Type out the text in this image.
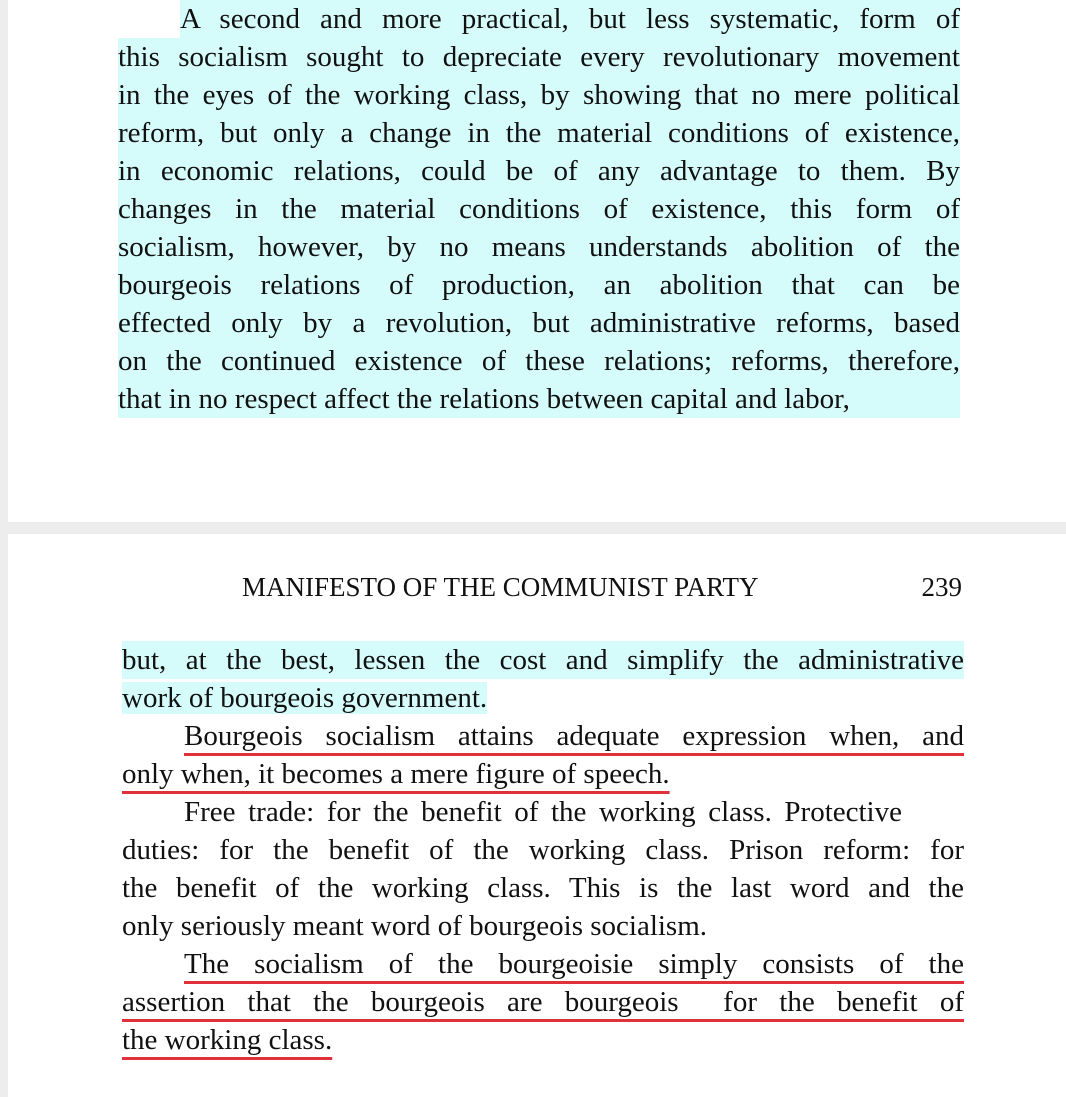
A second and more practical, but less systematic, form of
this socialism sought to depreciate every revolutionary movement
in the eyes of the working class, by showing that no mere political reform, but only a change in the material conditions of existence, in economic relations, could be of any advantage to them. By changes in the material conditions of existence, this form of socialism, however, by no means understands abolition of the bourgeois relations of production, an abolition that can be effected only by a revolution, but administrative reforms, based on the continued existence of these relations; reforms, therefore,
that in no respect affect the relations between capital and labor,
MANIFESTO OF THE COMMUNIST PARTY	239
but, at the best, lessen the cost and simplify the administrative
work of bourgeois government.
Bourgeois socialism attains adequate expression when, and
only when, it becomes a mere figure of speech.
Free trade: for the benefit of the working class. Protective duties: for the benefit of the working class. Prison reform: for the benefit of the working class. This is the last word and the
only seriously meant word of bourgeois socialism.
The socialism of the bourgeoisie simply consists of the
assertion that the bourgeois are bourgeois  for the benefit of
the working class.
